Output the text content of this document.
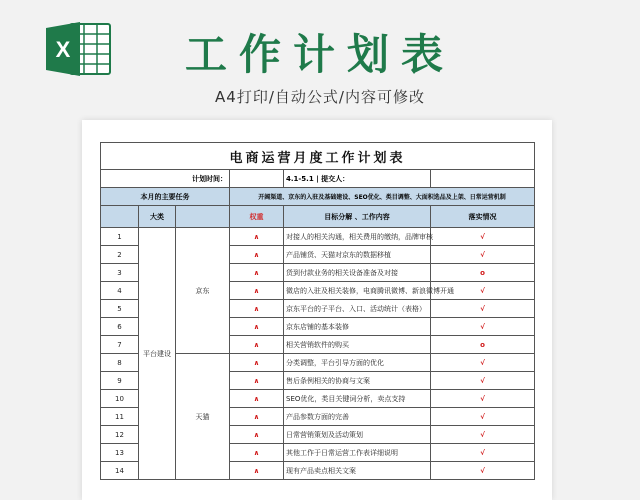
X	工作计划表
A4打印/自动公式/内容可修改
电商运营月度工作计划表					
计划时间：				4.1-5.1 | 提交人：	
本月的主要任务			开阔渠道、京东的入驻及基础建设、SEO优化、类目调整、大面积选品及上架、日常运营机制		
	大类		权重	目标分解 、工作内容	落实情况
1	平台建设	京东	∧	对接人的相关沟通，相关费用的缴纳，品牌审核	√
2			∧	产品铺货、天猫对京东的数据移植	√
3			∧	货到付款业务的相关设备准备及对接	o
4			∧	微店的入驻及相关装修，电商腾讯微博、新浪微博开通	√
5			∧	京东平台的子平台、入口、活动统计（表格）	√
6			∧	京东店铺的基本装修	√
7			∧	相关营销软件的购买	o
8		天猫	∧	分类调整，平台引导方面的优化	√
9			∧	售后条例相关的协商与文案	√
10			∧	SEO优化，类目关键词分析，卖点支持	√
11			∧	产品参数方面的完善	√
12			∧	日常营销策划及活动策划	√
13			∧	其他工作于日常运营工作表详细说明	√
14			∧	现有产品卖点相关文案	√
